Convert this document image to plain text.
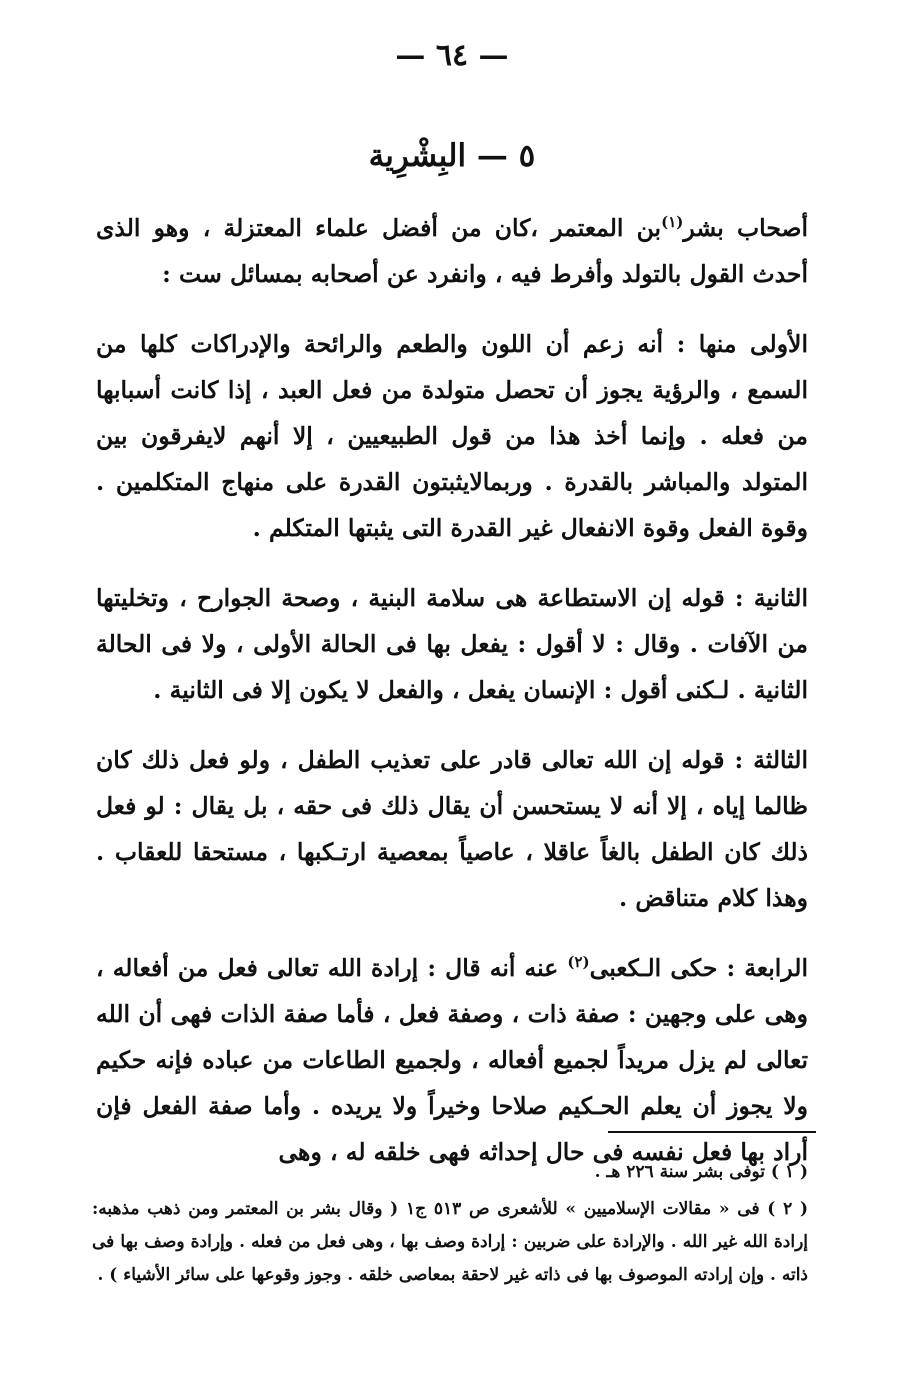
— ٦٤ —
٥ — البِشْرِية

أصحاب بشر$^{(١)}$بن المعتمر ،كان من أفضل علماء المعتزلة ، وهو الذى أحدث القول بالتولد وأفرط فيه ، وانفرد عن أصحابه بمسائل ست :

الأولى منها : أنه زعم أن اللون والطعم والرائحة والإدراكات كلها من السمع ، والرؤية يجوز أن تحصل متولدة من فعل العبد ، إذا كانت أسبابها من فعله . وإنما أخذ هذا من قول الطبيعيين ، إلا أنهم لايفرقون بين المتولد والمباشر بالقدرة . وربمالايثبتون القدرة على منهاج المتكلمين . وقوة الفعل وقوة الانفعال غير القدرة التى يثبتها المتكلم .

الثانية : قوله إن الاستطاعة هى سلامة البنية ، وصحة الجوارح ، وتخليتها من الآفات . وقال : لا أقول : يفعل بها فى الحالة الأولى ، ولا فى الحالة الثانية . لـكنى أقول : الإنسان يفعل ، والفعل لا يكون إلا فى الثانية .

الثالثة : قوله إن الله تعالى قادر على تعذيب الطفل ، ولو فعل ذلك كان ظالما إياه ، إلا أنه لا يستحسن أن يقال ذلك فى حقه ، بل يقال : لو فعل ذلك كان الطفل بالغاً عاقلا ، عاصياً بمعصية ارتـكبها ، مستحقا للعقاب . وهذا كلام متناقض .

الرابعة : حكى الـكعبى$^{(٢)}$ عنه أنه قال : إرادة الله تعالى فعل من أفعاله ، وهى على وجهين : صفة ذات ، وصفة فعل ، فأما صفة الذات فهى أن الله تعالى لم يزل مريداً لجميع أفعاله ، ولجميع الطاعات من عباده فإنه حكيم ولا يجوز أن يعلم الحـكيم صلاحا وخيراً ولا يريده . وأما صفة الفعل فإن أراد بها فعل نفسه فى حال إحداثه فهى خلقه له ، وهى

( ١ ) توفى بشر سنة ٢٢٦ هـ .

( ٢ ) فى « مقالات الإسلاميين » للأشعرى ص ٥١٣ ج١ ( وقال بشر بن المعتمر ومن ذهب مذهبه: إرادة الله غير الله . والإرادة على ضربين : إرادة وصف بها ، وهى فعل من فعله . وإرادة وصف بها فى ذاته . وإن إرادته الموصوف بها فى ذاته غير لاحقة بمعاصى خلقه . وجوز وقوعها على سائر الأشياء ) .
